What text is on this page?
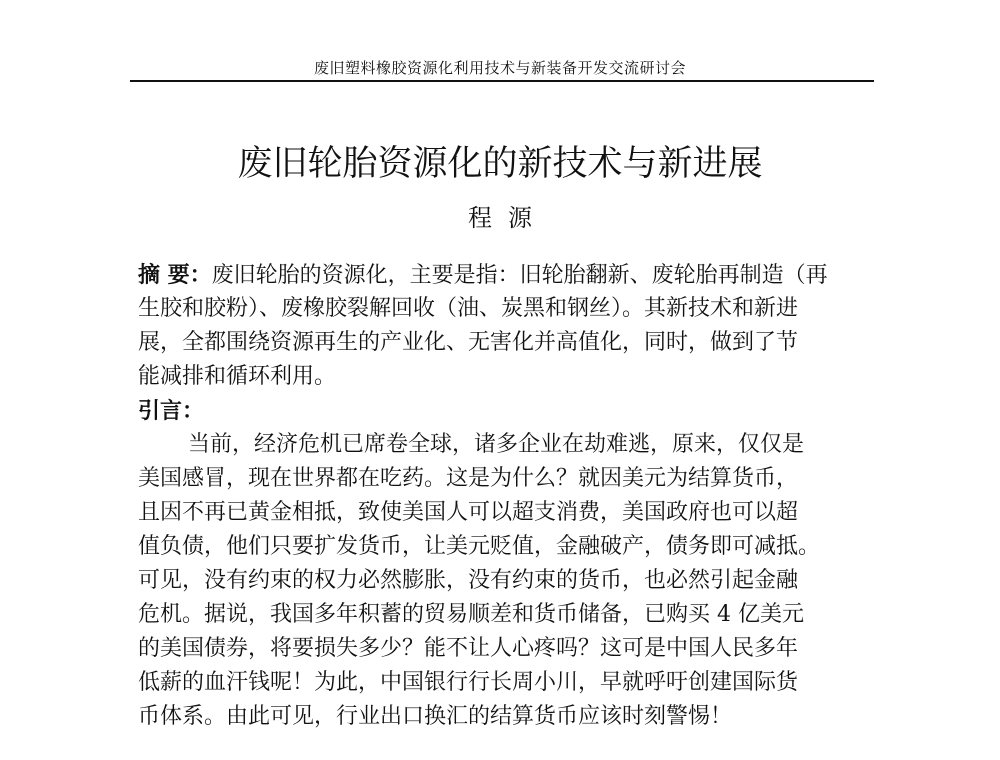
废旧塑料橡胶资源化利用技术与新装备开发交流研讨会
废旧轮胎资源化的新技术与新进展
程源
摘 要：废旧轮胎的资源化，主要是指：旧轮胎翻新、废轮胎再制造（再
生胶和胶粉）、废橡胶裂解回收（油、炭黑和钢丝）。其新技术和新进
展，全都围绕资源再生的产业化、无害化并高值化，同时，做到了节
能减排和循环利用。
引言：
当前，经济危机已席卷全球，诸多企业在劫难逃，原来，仅仅是
美国感冒，现在世界都在吃药。这是为什么？就因美元为结算货币，
且因不再已黄金相抵，致使美国人可以超支消费，美国政府也可以超
值负债，他们只要扩发货币，让美元贬值，金融破产，债务即可减抵。
可见，没有约束的权力必然膨胀，没有约束的货币，也必然引起金融
危机。据说，我国多年积蓄的贸易顺差和货币储备，已购买 4 亿美元
的美国债券，将要损失多少？能不让人心疼吗？这可是中国人民多年
低薪的血汗钱呢！为此，中国银行行长周小川，早就呼吁创建国际货
币体系。由此可见，行业出口换汇的结算货币应该时刻警惕！
